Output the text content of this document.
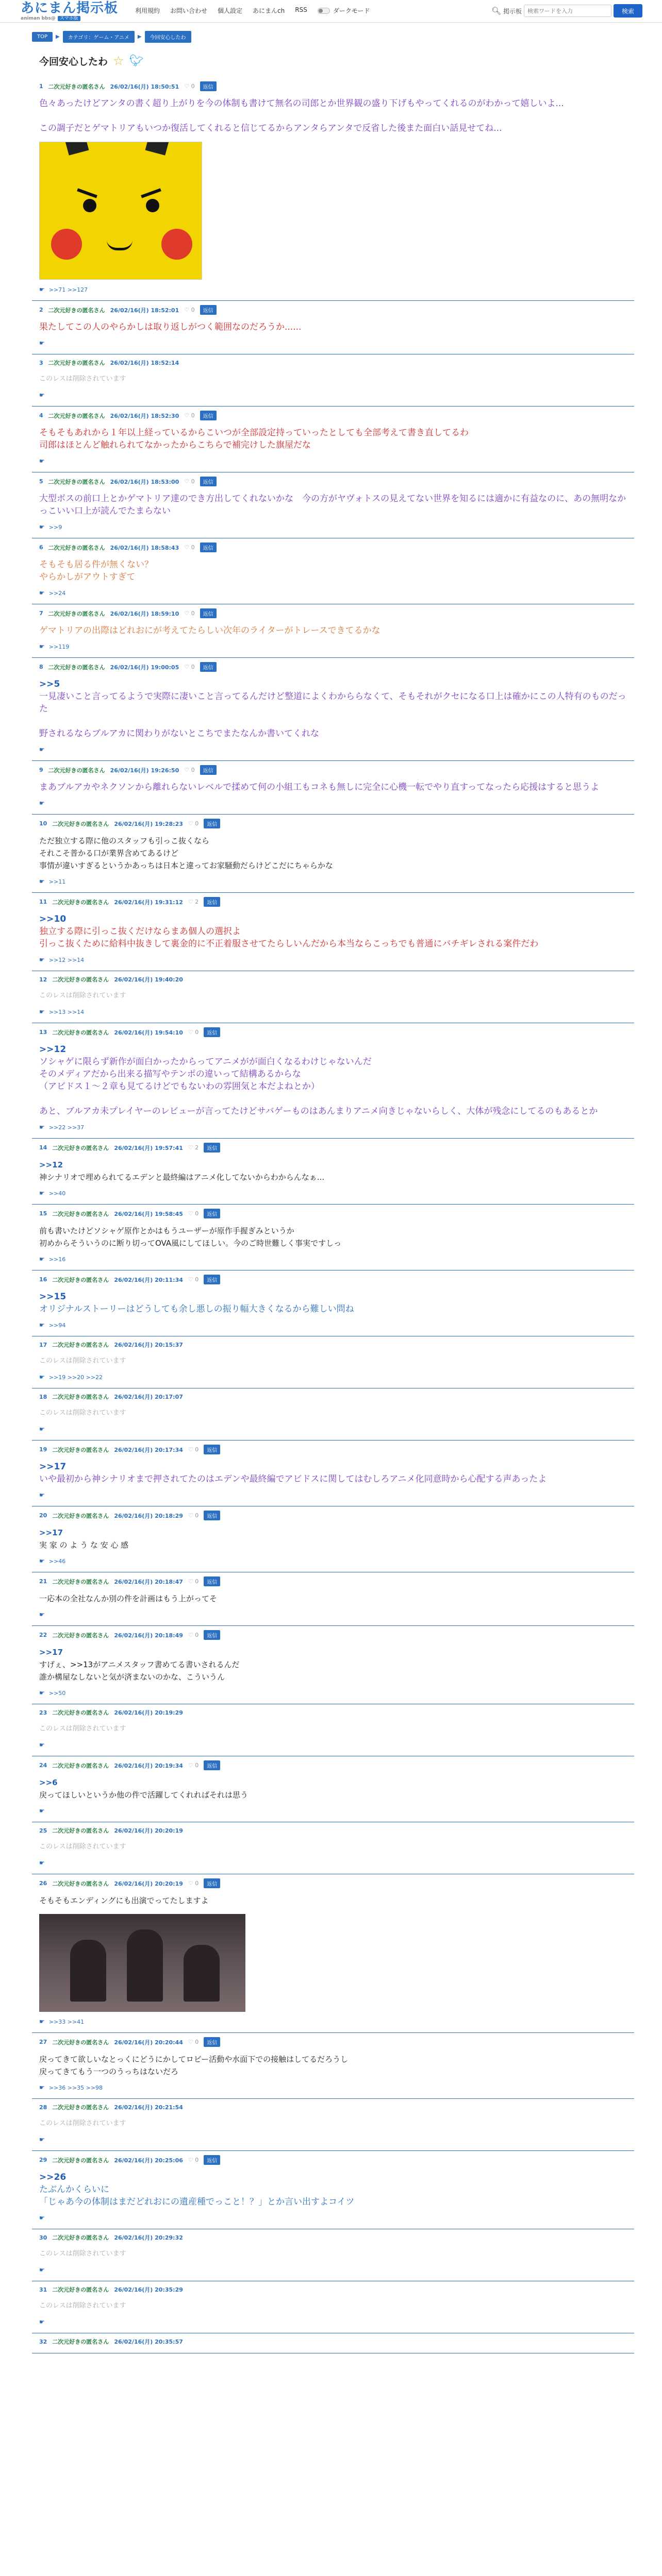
あにまん掲示板
animan bbs@ スマホ版
利用規約 お問い合わせ 個人設定 あにまんch RSS	ダークモード	🔍︎ 掲示板
検索ワードを入力	検索
TOP	▶	カテゴリ：ゲーム・アニメ	▶	今回安心したわ
今回安心したわ ☆ 🐦︎
1 二次元好きの匿名さん 26/02/16(月) 18:50:51 ♡ 0	返信
色々あったけどアンタの書く超り上がりを今の体制も書けて無名の司郎とか世界観の盛り下げもやってくれるのがわかって嬉しいよ...

この調子だとゲマトリアもいつか復活してくれると信じてるからアンタらアンタで反省した後また面白い話見せてね...
☛ >>71 >>127
2 二次元好きの匿名さん 26/02/16(月) 18:52:01 ♡ 0	返信
果たしてこの人のやらかしは取り返しがつく範囲なのだろうか......
☛
3 二次元好きの匿名さん 26/02/16(月) 18:52:14
このレスは削除されています
☛
4 二次元好きの匿名さん 26/02/16(月) 18:52:30 ♡ 0	返信
そもそもあれから１年以上経っているからこいつが全部設定持っていったとしても全部考えて書き直してるわ
司郎はほとんど触れられてなかったからこちらで補完けした旗屋だな
☛
5 二次元好きの匿名さん 26/02/16(月) 18:53:00 ♡ 0	返信
大型ボスの前口上とかゲマトリア達のでき方出してくれないかな　今の方がヤヴォトスの見えてない世界を知るには適かに有益なのに、あの無明なかっこいい口上が読んでたまらない
☛ >>9
6 二次元好きの匿名さん 26/02/16(月) 18:58:43 ♡ 0	返信
そもそも居る件が無くない？
やらかしがアウトすぎて
☛ >>24
7 二次元好きの匿名さん 26/02/16(月) 18:59:10 ♡ 0	返信
ゲマトリアの出際はどれおにが考えてたらしい次年のライターがトレースできてるかな
☛ >>119
8 二次元好きの匿名さん 26/02/16(月) 19:00:05 ♡ 0	返信
>>5
一見凄いこと言ってるようで実際に凄いこと言ってるんだけど整道によくわかららなくて、そもそれがクセになる口上は確かにこの人特有のものだった

野されるならブルアカに関わりがないとこちでまたなんか書いてくれな
☛
9 二次元好きの匿名さん 26/02/16(月) 19:26:50 ♡ 0	返信
まあブルアカやネクソンから離れらないレベルで揉めて何の小組工もコネも無しに完全に心機一転でやり直すってなったら応援はすると思うよ
☛
10 二次元好きの匿名さん 26/02/16(月) 19:28:23 ♡ 0	返信
ただ独立する際に他のスタッフも引っこ抜くなら
それこそ普かる口が業界含めてあるけど
事情が違いすぎるというかあっちは日本と違ってお家騒動だらけどこだにちゃらかな
☛ >>11
11 二次元好きの匿名さん 26/02/16(月) 19:31:12 ♡ 2	返信
>>10
独立する際に引っこ抜くだけならまあ個人の選択よ
引っこ抜くために給料中抜きして裏金的に不正着服させてたらしいんだから本当ならこっちでも普通にバチギレされる案件だわ
☛ >>12 >>14
12 二次元好きの匿名さん 26/02/16(月) 19:40:20
このレスは削除されています
☛ >>13 >>14
13 二次元好きの匿名さん 26/02/16(月) 19:54:10 ♡ 0	返信
>>12
ソシャゲに限らず新作が面白かったからってアニメがが面白くなるわけじゃないんだ
そのメディアだから出来る描写やテンポの違いって結構あるからな
（アビドス１～２章も見てるけどでもないわの雰囲気と本だよねとか）

あと、ブルアカ未プレイヤーのレビューが言ってたけどサバゲーものはあんまりアニメ向きじゃないらしく、大体が残念にしてるのもあるとか
☛ >>22 >>37
14 二次元好きの匿名さん 26/02/16(月) 19:57:41 ♡ 2	返信
>>12
神シナリオで埋められてるエデンと最終編はアニメ化してないからわからんなぁ...
☛ >>40
15 二次元好きの匿名さん 26/02/16(月) 19:58:45 ♡ 0	返信
前も書いたけどソシャゲ原作とかはもうユーザーが原作手握ぎみというか
初めからそういうのに断り切ってOVA風にしてほしい。今のご時世難しく事実ですしっ
☛ >>16
16 二次元好きの匿名さん 26/02/16(月) 20:11:34 ♡ 0	返信
>>15
オリジナルストーリーはどうしても余し悪しの振り幅大きくなるから難しい問ね
☛ >>94
17 二次元好きの匿名さん 26/02/16(月) 20:15:37
このレスは削除されています
☛ >>19 >>20 >>22
18 二次元好きの匿名さん 26/02/16(月) 20:17:07
このレスは削除されています
☛
19 二次元好きの匿名さん 26/02/16(月) 20:17:34 ♡ 0	返信
>>17
いや最初から神シナリオまで押されてたのはエデンや最終編でアビドスに関してはむしろアニメ化同意時から心配する声あったよ
☛
20 二次元好きの匿名さん 26/02/16(月) 20:18:29 ♡ 0	返信
>>17
実 家 の よ う な 安 心 感
☛ >>46
21 二次元好きの匿名さん 26/02/16(月) 20:18:47 ♡ 0	返信
一応本の全社なんか別の件を計画はもう上がってそ
☛
22 二次元好きの匿名さん 26/02/16(月) 20:18:49 ♡ 0	返信
>>17
すげぇ、>>13がアニメスタッフ書めてる書いされるんだ
誰か構屋なしないと気が済まないのかな、こういうん
☛ >>50
23 二次元好きの匿名さん 26/02/16(月) 20:19:29
このレスは削除されています
☛
24 二次元好きの匿名さん 26/02/16(月) 20:19:34 ♡ 0	返信
>>6
戻ってほしいというか他の件で活躍してくれればそれは思う
☛
25 二次元好きの匿名さん 26/02/16(月) 20:20:19
このレスは削除されています
☛
26 二次元好きの匿名さん 26/02/16(月) 20:20:19 ♡ 0	返信
そもそもエンディングにも出演でってたしますよ
☛ >>33 >>41
27 二次元好きの匿名さん 26/02/16(月) 20:20:44 ♡ 0	返信
戻ってきて欲しいなとっくにどうにかしてロビー活動や水面下での接触はしてるだろうし
戻ってきてもう一つのうっちはないだろ
☛ >>36 >>35 >>98
28 二次元好きの匿名さん 26/02/16(月) 20:21:54
このレスは削除されています
☛
29 二次元好きの匿名さん 26/02/16(月) 20:25:06 ♡ 0	返信
>>26
たぶんかくらいに
「じゃあ今の体制はまだどれおにの遺産種でっこと！？」とか言い出すよコイツ
☛
30 二次元好きの匿名さん 26/02/16(月) 20:29:32
このレスは削除されています
☛
31 二次元好きの匿名さん 26/02/16(月) 20:35:29
このレスは削除されています
☛
32 二次元好きの匿名さん 26/02/16(月) 20:35:57
